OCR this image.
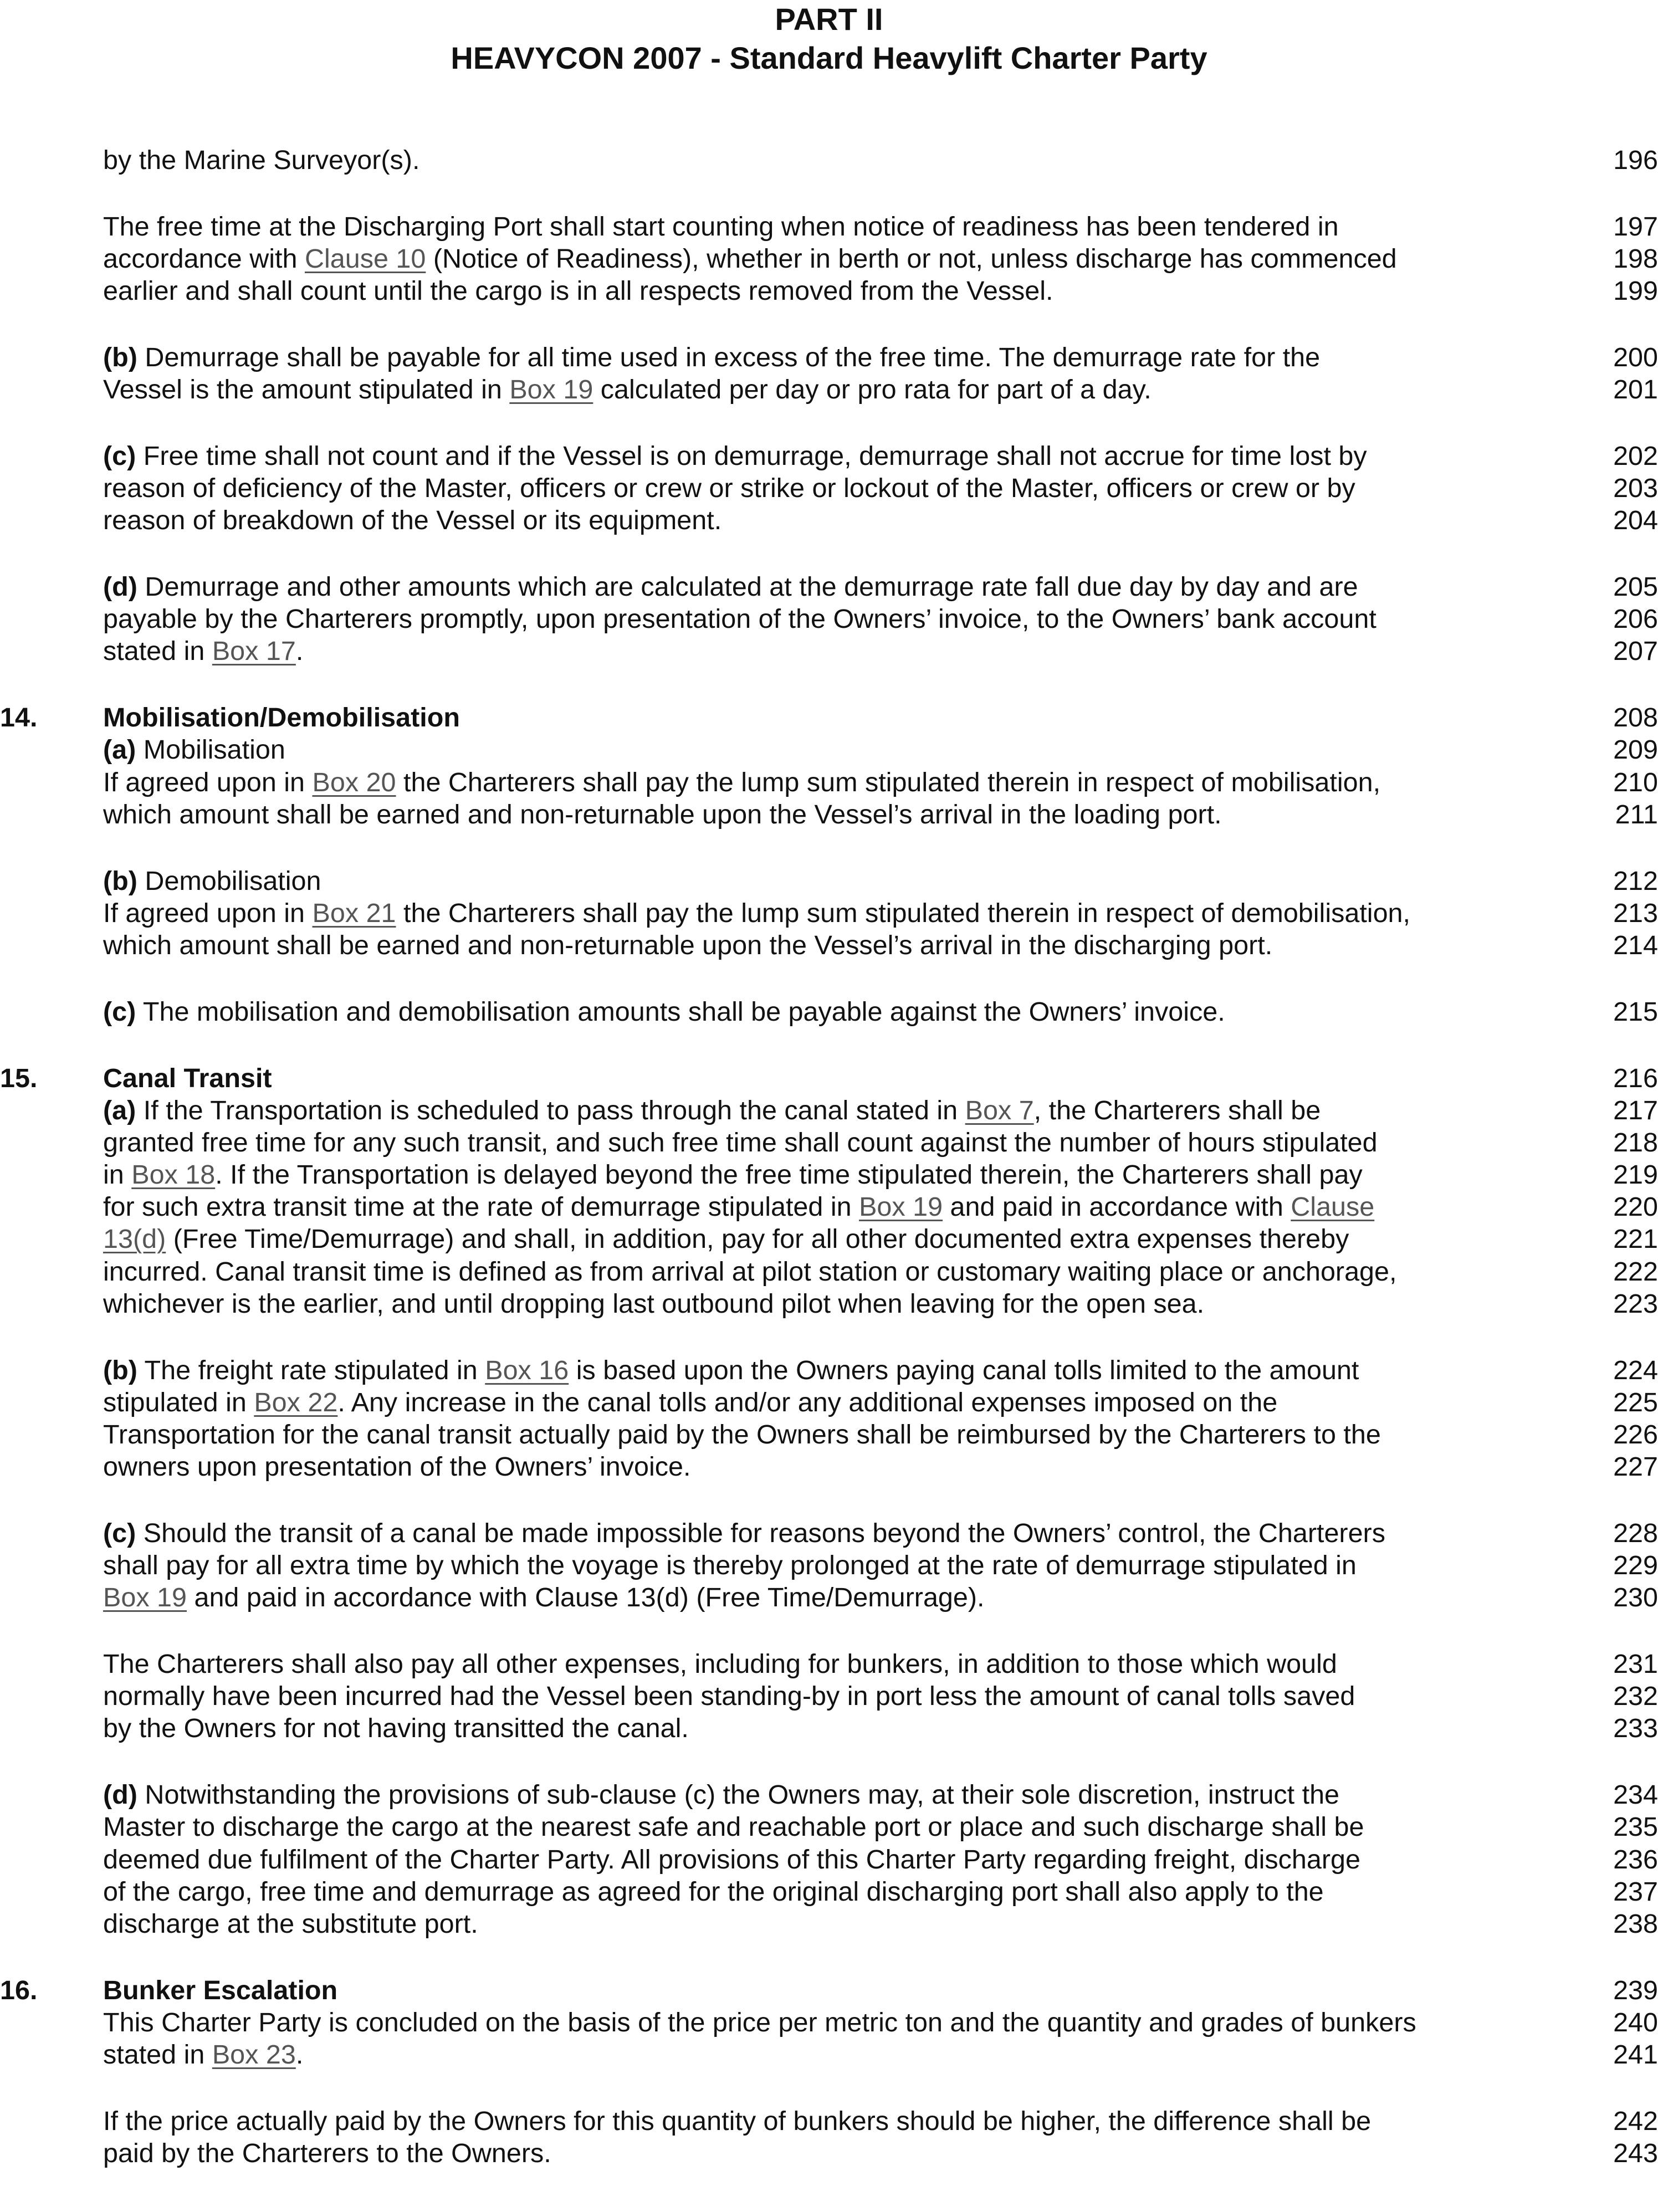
PART II
HEAVYCON 2007 - Standard Heavylift Charter Party
by the Marine Surveyor(s).	196
The free time at the Discharging Port shall start counting when notice of readiness has been tendered in	197
accordance with Clause 10 (Notice of Readiness), whether in berth or not, unless discharge has commenced	198
earlier and shall count until the cargo is in all respects removed from the Vessel.	199
(b) Demurrage shall be payable for all time used in excess of the free time. The demurrage rate for the	200
Vessel is the amount stipulated in Box 19 calculated per day or pro rata for part of a day.	201
(c) Free time shall not count and if the Vessel is on demurrage, demurrage shall not accrue for time lost by	202
reason of deficiency of the Master, officers or crew or strike or lockout of the Master, officers or crew or by	203
reason of breakdown of the Vessel or its equipment.	204
(d) Demurrage and other amounts which are calculated at the demurrage rate fall due day by day and are	205
payable by the Charterers promptly, upon presentation of the Owners’ invoice, to the Owners’ bank account	206
stated in Box 17.	207
14. Mobilisation/Demobilisation	208
(a) Mobilisation	209
If agreed upon in Box 20 the Charterers shall pay the lump sum stipulated therein in respect of mobilisation,	210
which amount shall be earned and non-returnable upon the Vessel’s arrival in the loading port.	211
(b) Demobilisation	212
If agreed upon in Box 21 the Charterers shall pay the lump sum stipulated therein in respect of demobilisation,	213
which amount shall be earned and non-returnable upon the Vessel’s arrival in the discharging port.	214
(c) The mobilisation and demobilisation amounts shall be payable against the Owners’ invoice.	215
15. Canal Transit	216
(a) If the Transportation is scheduled to pass through the canal stated in Box 7, the Charterers shall be	217
granted free time for any such transit, and such free time shall count against the number of hours stipulated	218
in Box 18. If the Transportation is delayed beyond the free time stipulated therein, the Charterers shall pay	219
for such extra transit time at the rate of demurrage stipulated in Box 19 and paid in accordance with Clause	220
13(d) (Free Time/Demurrage) and shall, in addition, pay for all other documented extra expenses thereby	221
incurred. Canal transit time is defined as from arrival at pilot station or customary waiting place or anchorage,	222
whichever is the earlier, and until dropping last outbound pilot when leaving for the open sea.	223
(b) The freight rate stipulated in Box 16 is based upon the Owners paying canal tolls limited to the amount	224
stipulated in Box 22. Any increase in the canal tolls and/or any additional expenses imposed on the	225
Transportation for the canal transit actually paid by the Owners shall be reimbursed by the Charterers to the	226
owners upon presentation of the Owners’ invoice.	227
(c) Should the transit of a canal be made impossible for reasons beyond the Owners’ control, the Charterers	228
shall pay for all extra time by which the voyage is thereby prolonged at the rate of demurrage stipulated in	229
Box 19 and paid in accordance with Clause 13(d) (Free Time/Demurrage).	230
The Charterers shall also pay all other expenses, including for bunkers, in addition to those which would	231
normally have been incurred had the Vessel been standing-by in port less the amount of canal tolls saved	232
by the Owners for not having transitted the canal.	233
(d) Notwithstanding the provisions of sub-clause (c) the Owners may, at their sole discretion, instruct the	234
Master to discharge the cargo at the nearest safe and reachable port or place and such discharge shall be	235
deemed due fulfilment of the Charter Party. All provisions of this Charter Party regarding freight, discharge	236
of the cargo, free time and demurrage as agreed for the original discharging port shall also apply to the	237
discharge at the substitute port.	238
16. Bunker Escalation	239
This Charter Party is concluded on the basis of the price per metric ton and the quantity and grades of bunkers	240
stated in Box 23.	241
If the price actually paid by the Owners for this quantity of bunkers should be higher, the difference shall be	242
paid by the Charterers to the Owners.	243
